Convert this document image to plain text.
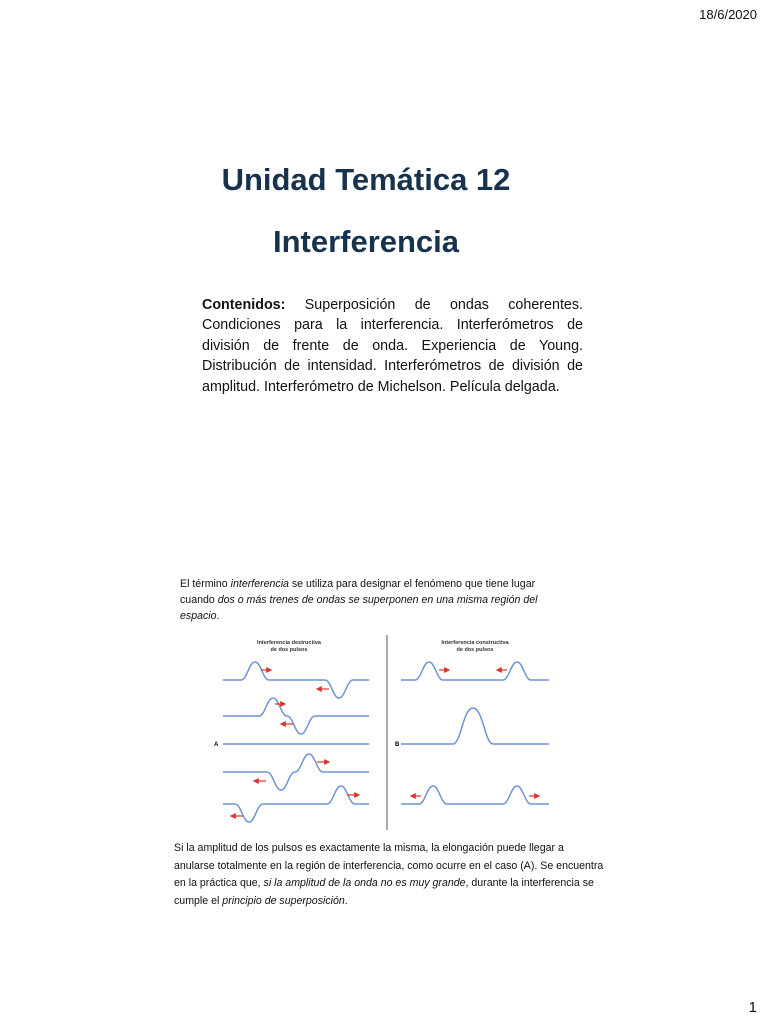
18/6/2020
Unidad Temática 12
Interferencia
Contenidos: Superposición de ondas coherentes. Condiciones para la interferencia. Interferómetros de división de frente de onda. Experiencia de Young. Distribución de intensidad. Interferómetros de división de amplitud. Interferómetro de Michelson. Película delgada.
El término interferencia se utiliza para designar el fenómeno que tiene lugar cuando dos o más trenes de ondas se superponen en una misma región del espacio.
Interferencia destructiva
de dos pulsos
Interferencia constructiva
de dos pulsos
A	B
Si la amplitud de los pulsos es exactamente la misma, la elongación puede llegar a anularse totalmente en la región de interferencia, como ocurre en el caso (A). Se encuentra en la práctica que, si la amplitud de la onda no es muy grande, durante la interferencia se cumple el principio de superposición.
1
